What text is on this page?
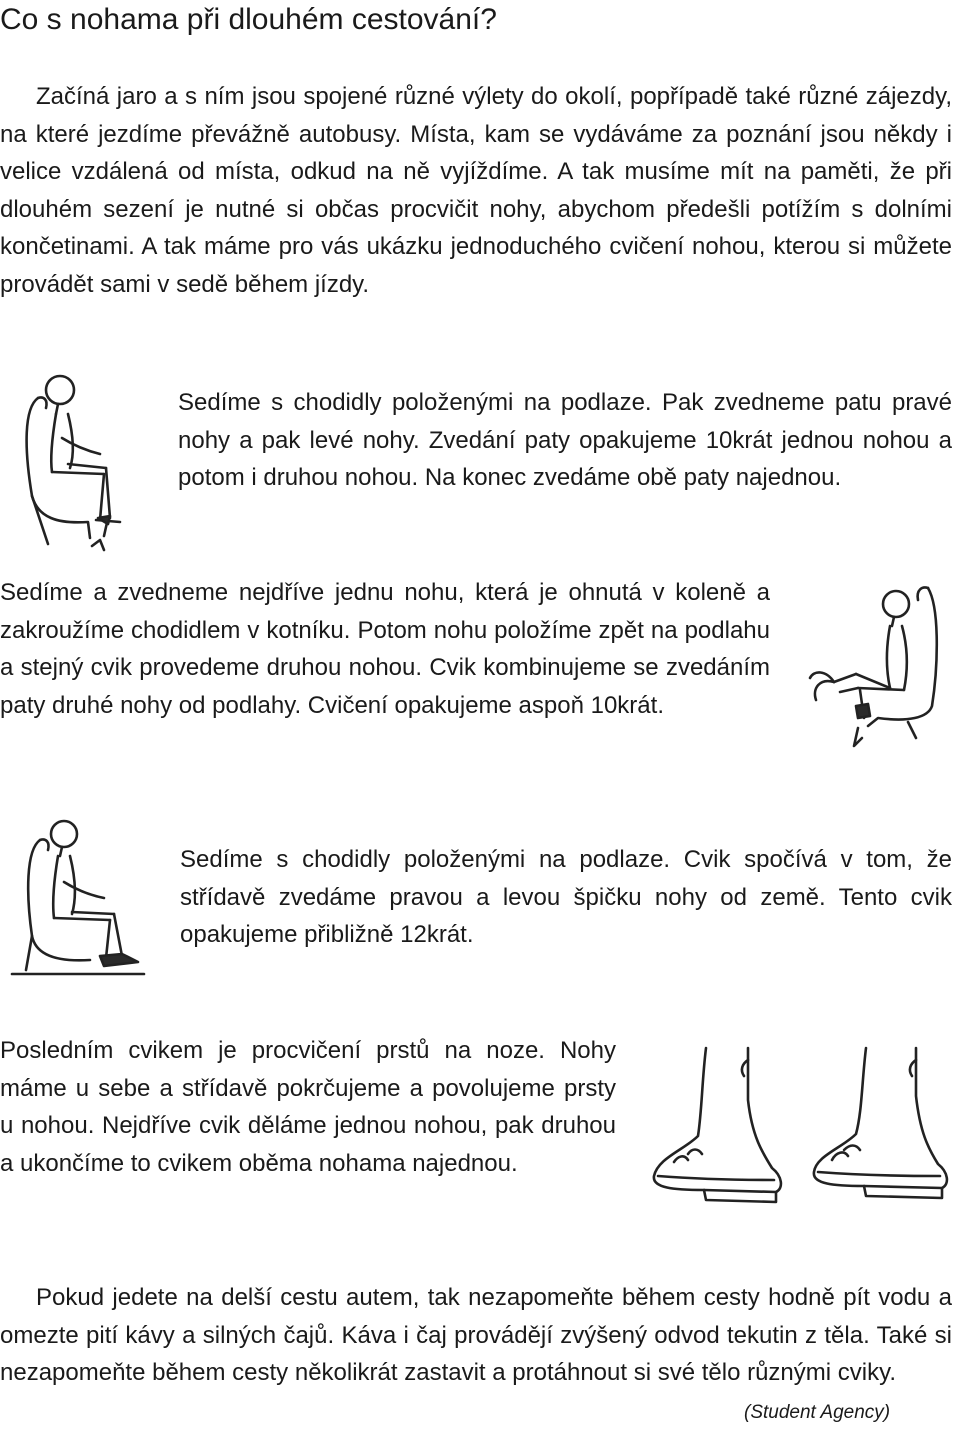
Co s nohama při dlouhém cestování?

Začíná jaro a s ním jsou spojené různé výlety do okolí, popřípadě také různé zájezdy, na které jezdíme převážně autobusy. Místa, kam se vydáváme za poznání jsou někdy i velice vzdálená od místa, odkud na ně vyjíždíme. A tak musíme mít na paměti, že při dlouhém sezení je nutné si občas procvičit nohy, abychom předešli potížím s dolními končetinami. A tak máme pro vás ukázku jednoduchého cvičení nohou, kterou si můžete provádět sami v sedě během jízdy.

Sedíme s chodidly položenými na podlaze. Pak zvedneme patu pravé nohy a pak levé nohy. Zvedání paty opakujeme 10krát jednou nohou a potom i druhou nohou. Na konec zvedáme obě paty najednou.

Sedíme a zvedneme nejdříve jednu nohu, která je ohnutá v koleně a zakroužíme chodidlem v kotníku. Potom nohu položíme zpět na podlahu a stejný cvik provedeme druhou nohou. Cvik kombinujeme se zvedáním paty druhé nohy od podlahy. Cvičení opakujeme aspoň 10krát.

Sedíme s chodidly položenými na podlaze. Cvik spočívá v tom, že střídavě zvedáme pravou a levou špičku nohy od země. Tento cvik opakujeme přibližně 12krát.

Posledním cvikem je procvičení prstů na noze. Nohy máme u sebe a střídavě pokrčujeme a povolujeme prsty u nohou. Nejdříve cvik děláme jednou nohou, pak druhou a ukončíme to cvikem oběma nohama najednou.

Pokud jedete na delší cestu autem, tak nezapomeňte během cesty hodně pít vodu a omezte pití kávy a silných čajů. Káva i čaj provádějí zvýšený odvod tekutin z těla. Také si nezapomeňte během cesty několikrát zastavit a protáhnout si své tělo různými cviky.

(Student Agency)
